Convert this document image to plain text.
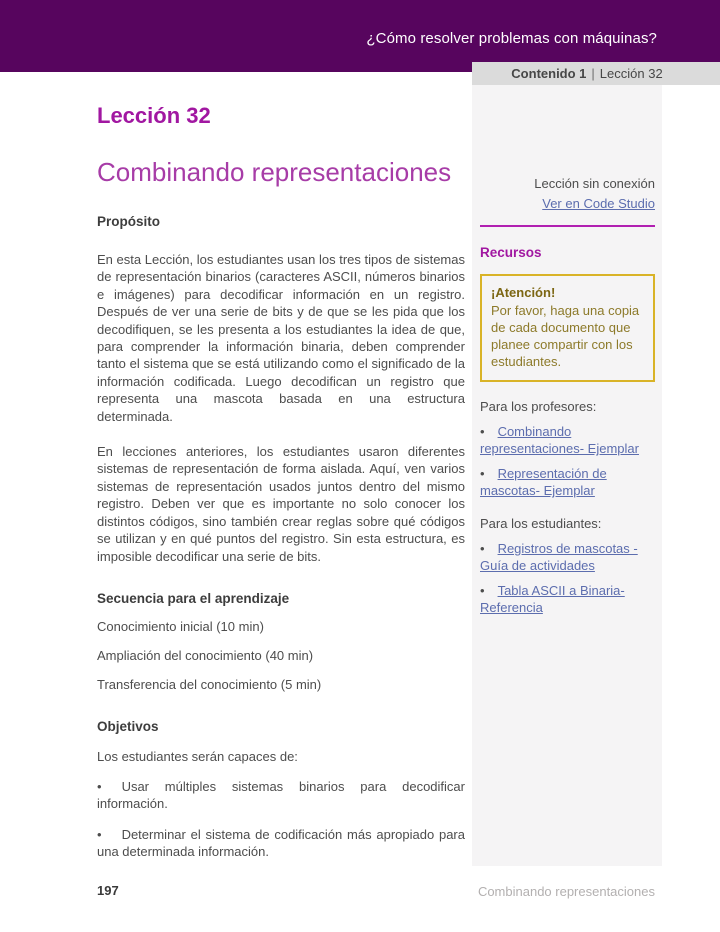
¿Cómo resolver problemas con máquinas?
Contenido 1 | Lección 32
Lección 32
Combinando representaciones
Propósito

En esta Lección, los estudiantes usan los tres tipos de sistemas de representación binarios (caracteres ASCII, números binarios e imágenes) para decodificar información en un registro. Después de ver una serie de bits y de que se les pida que los decodifiquen, se les presenta a los estudiantes la idea de que, para comprender la información binaria, deben comprender tanto el sistema que se está utilizando como el significado de la información codificada. Luego decodifican un registro que representa una mascota basada en una estructura determinada.

En lecciones anteriores, los estudiantes usaron diferentes sistemas de representación de forma aislada. Aquí, ven varios sistemas de representación usados juntos dentro del mismo registro. Deben ver que es importante no solo conocer los distintos códigos, sino también crear reglas sobre qué códigos se utilizan y en qué puntos del registro. Sin esta estructura, es imposible decodificar una serie de bits.

Secuencia para el aprendizaje

Conocimiento inicial (10 min)

Ampliación del conocimiento (40 min)

Transferencia del conocimiento (5 min)

Objetivos

Los estudiantes serán capaces de:

• Usar múltiples sistemas binarios para decodificar información.

• Determinar el sistema de codificación más apropiado para una determinada información.

Lección sin conexión
Ver en Code Studio
Recursos
¡Atención!
Por favor, haga una copia de cada documento que planee compartir con los estudiantes.
Para los profesores:

• Combinando representaciones- Ejemplar

• Representación de mascotas- Ejemplar

Para los estudiantes:

• Registros de mascotas - Guía de actividades

• Tabla ASCII a Binaria- Referencia

197	Combinando representaciones
